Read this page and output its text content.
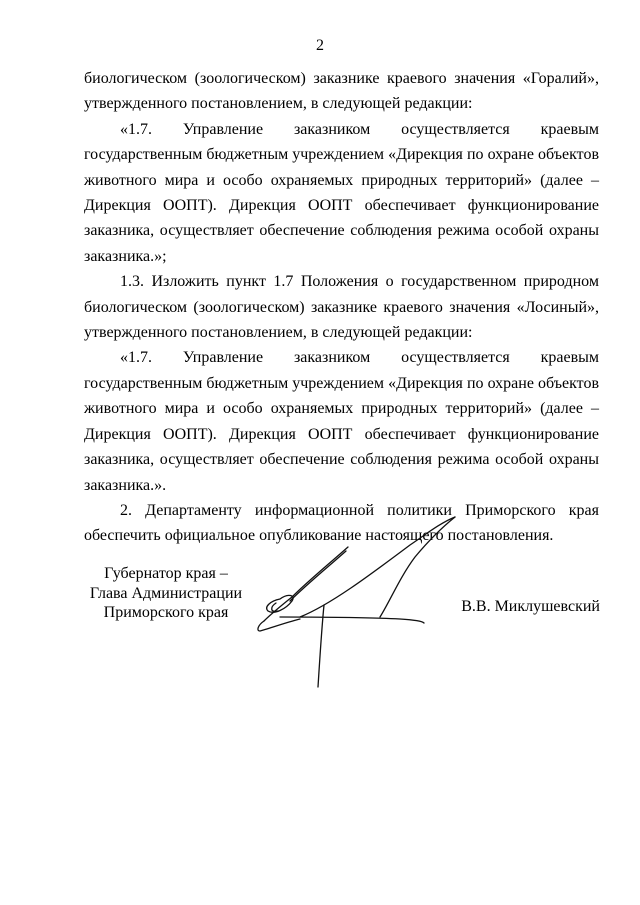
2

биологическом (зоологическом) заказнике краевого значения «Горалий», утвержденного постановлением, в следующей редакции:

«1.7. Управление заказником осуществляется краевым государственным бюджетным учреждением «Дирекция по охране объектов животного мира и особо охраняемых природных территорий» (далее – Дирекция ООПТ). Дирекция ООПТ обеспечивает функционирование заказника, осуществляет обеспечение соблюдения режима особой охраны заказника.»;

1.3. Изложить пункт 1.7 Положения о государственном природном биологическом (зоологическом) заказнике краевого значения «Лосиный», утвержденного постановлением, в следующей редакции:

«1.7. Управление заказником осуществляется краевым государственным бюджетным учреждением «Дирекция по охране объектов животного мира и особо охраняемых природных территорий» (далее – Дирекция ООПТ). Дирекция ООПТ обеспечивает функционирование заказника, осуществляет обеспечение соблюдения режима особой охраны заказника.».

2. Департаменту информационной политики Приморского края обеспечить официальное опубликование настоящего постановления.

Губернатор края –
Глава Администрации
Приморского края	В.В. Миклушевский
